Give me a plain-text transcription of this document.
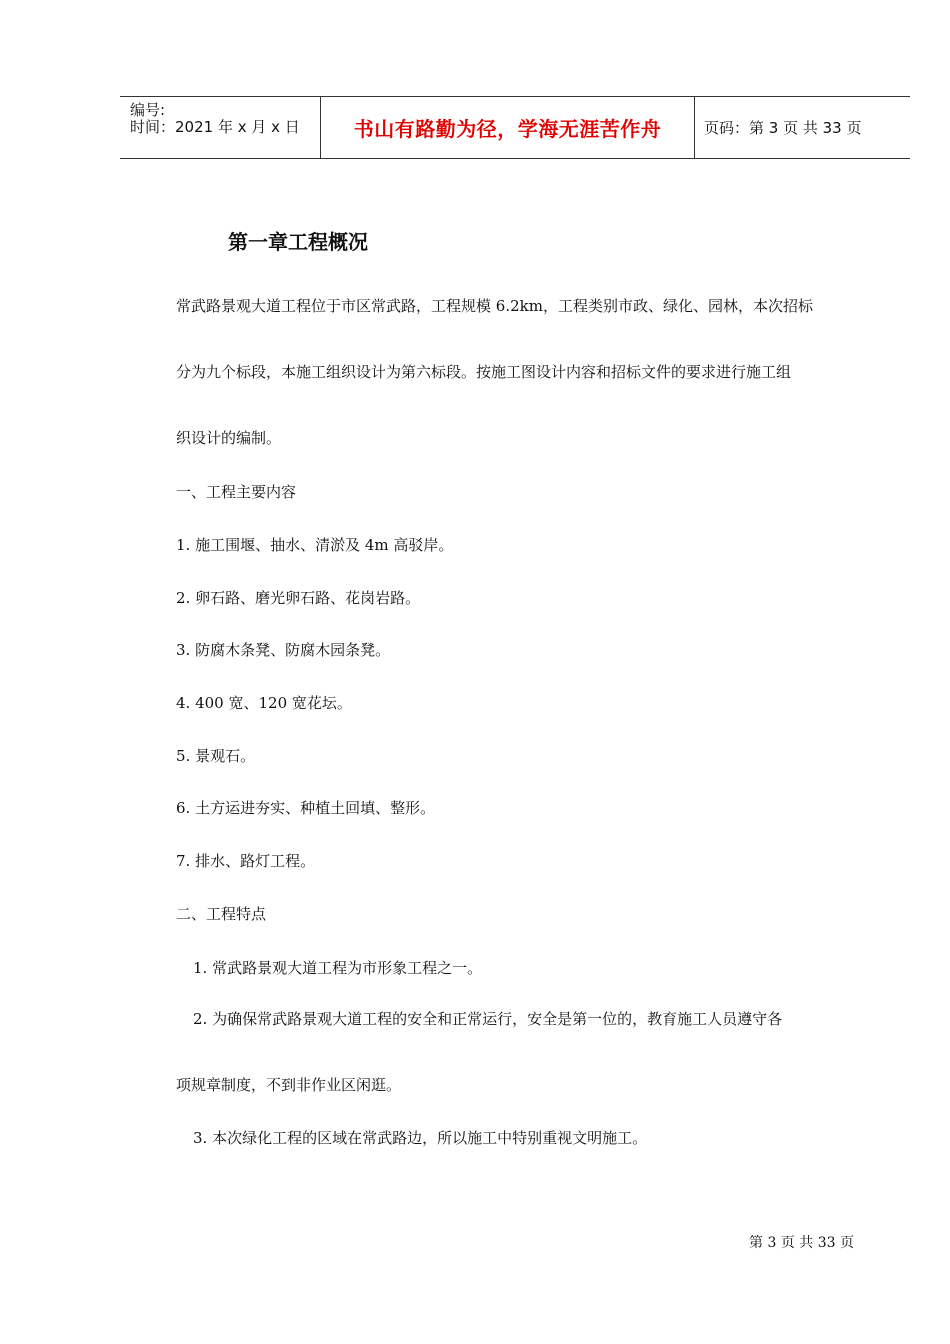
编号:
时间：2021 年 x 月 x 日	书山有路勤为径，学海无涯苦作舟	页码：第 3 页 共 33 页
第一章工程概况
常武路景观大道工程位于市区常武路，工程规模 6.2km，工程类别市政、绿化、园林，本次招标
分为九个标段，本施工组织设计为第六标段。按施工图设计内容和招标文件的要求进行施工组
织设计的编制。
一、工程主要内容
1. 施工围堰、抽水、清淤及 4m 高驳岸。
2. 卵石路、磨光卵石路、花岗岩路。
3. 防腐木条凳、防腐木园条凳。
4. 400 宽、120 宽花坛。
5. 景观石。
6. 土方运进夯实、种植土回填、整形。
7. 排水、路灯工程。
二、工程特点
1. 常武路景观大道工程为市形象工程之一。
2. 为确保常武路景观大道工程的安全和正常运行，安全是第一位的，教育施工人员遵守各
项规章制度，不到非作业区闲逛。
3. 本次绿化工程的区域在常武路边，所以施工中特别重视文明施工。
第 3 页 共 33 页
